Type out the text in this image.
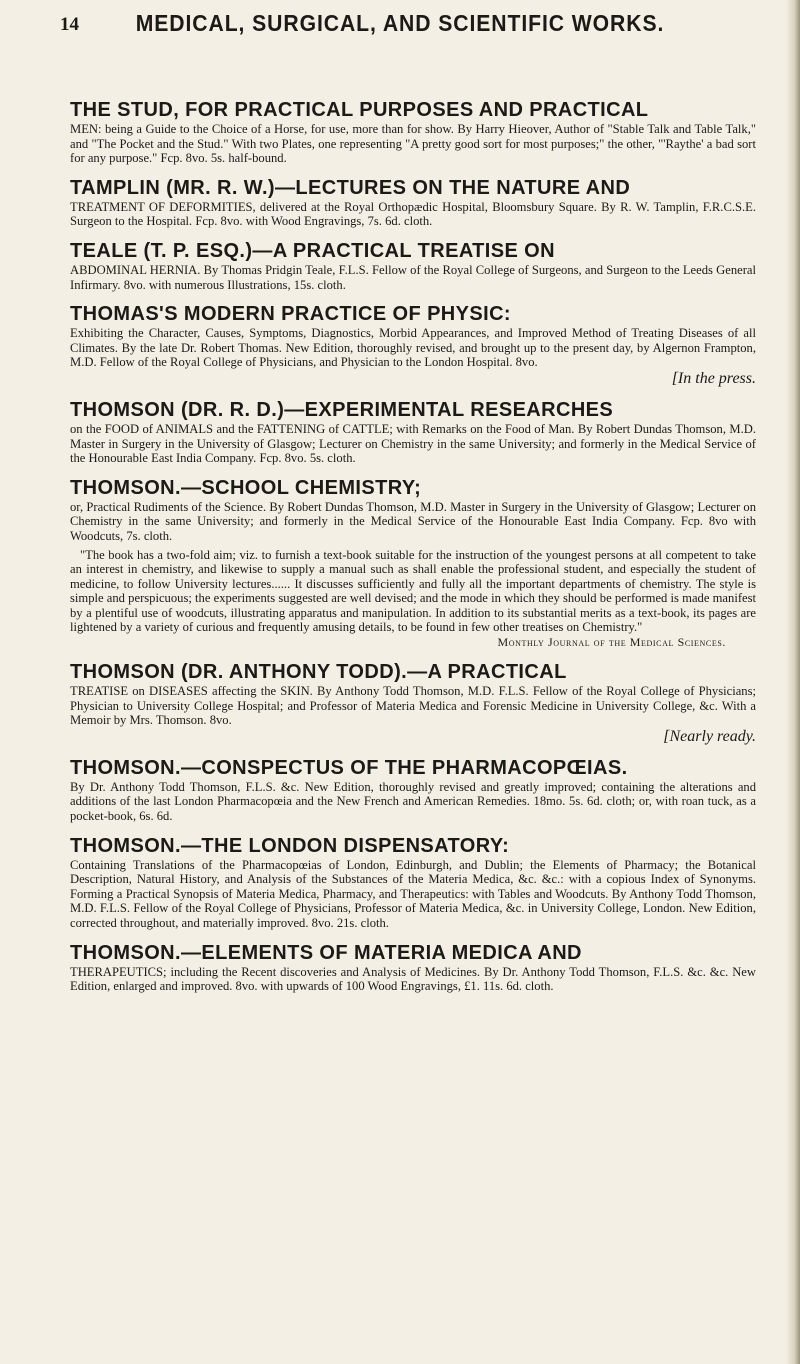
14	MEDICAL, SURGICAL, AND SCIENTIFIC WORKS.

THE STUD, FOR PRACTICAL PURPOSES AND PRACTICAL

MEN: being a Guide to the Choice of a Horse, for use, more than for show. By Harry Hieover, Author of "Stable Talk and Table Talk," and "The Pocket and the Stud." With two Plates, one representing "A pretty good sort for most purposes;" the other, "'Raythe' a bad sort for any purpose." Fcp. 8vo. 5s. half-bound.

TAMPLIN (MR. R. W.)—LECTURES ON THE NATURE AND

TREATMENT OF DEFORMITIES, delivered at the Royal Orthopædic Hospital, Bloomsbury Square. By R. W. Tamplin, F.R.C.S.E. Surgeon to the Hospital. Fcp. 8vo. with Wood Engravings, 7s. 6d. cloth.

TEALE (T. P. ESQ.)—A PRACTICAL TREATISE ON

ABDOMINAL HERNIA. By Thomas Pridgin Teale, F.L.S. Fellow of the Royal College of Surgeons, and Surgeon to the Leeds General Infirmary. 8vo. with numerous Illustrations, 15s. cloth.

THOMAS'S MODERN PRACTICE OF PHYSIC:

Exhibiting the Character, Causes, Symptoms, Diagnostics, Morbid Appearances, and Improved Method of Treating Diseases of all Climates. By the late Dr. Robert Thomas. New Edition, thoroughly revised, and brought up to the present day, by Algernon Frampton, M.D. Fellow of the Royal College of Physicians, and Physician to the London Hospital. 8vo.

[In the press.

THOMSON (DR. R. D.)—EXPERIMENTAL RESEARCHES

on the FOOD of ANIMALS and the FATTENING of CATTLE; with Remarks on the Food of Man. By Robert Dundas Thomson, M.D. Master in Surgery in the University of Glasgow; Lecturer on Chemistry in the same University; and formerly in the Medical Service of the Honourable East India Company. Fcp. 8vo. 5s. cloth.

THOMSON.—SCHOOL CHEMISTRY;

or, Practical Rudiments of the Science. By Robert Dundas Thomson, M.D. Master in Surgery in the University of Glasgow; Lecturer on Chemistry in the same University; and formerly in the Medical Service of the Honourable East India Company. Fcp. 8vo with Woodcuts, 7s. cloth.

"The book has a two-fold aim; viz. to furnish a text-book suitable for the instruction of the youngest persons at all competent to take an interest in chemistry, and likewise to supply a manual such as shall enable the professional student, and especially the student of medicine, to follow University lectures...... It discusses sufficiently and fully all the important departments of chemistry. The style is simple and perspicuous; the experiments suggested are well devised; and the mode in which they should be performed is made manifest by a plentiful use of woodcuts, illustrating apparatus and manipulation. In addition to its substantial merits as a text-book, its pages are lightened by a variety of curious and frequently amusing details, to be found in few other treatises on Chemistry."

Monthly Journal of the Medical Sciences.

THOMSON (DR. ANTHONY TODD).—A PRACTICAL

TREATISE on DISEASES affecting the SKIN. By Anthony Todd Thomson, M.D. F.L.S. Fellow of the Royal College of Physicians; Physician to University College Hospital; and Professor of Materia Medica and Forensic Medicine in University College, &c. With a Memoir by Mrs. Thomson. 8vo.

[Nearly ready.

THOMSON.—CONSPECTUS OF THE PHARMACOPŒIAS.

By Dr. Anthony Todd Thomson, F.L.S. &c. New Edition, thoroughly revised and greatly improved; containing the alterations and additions of the last London Pharmacopœia and the New French and American Remedies. 18mo. 5s. 6d. cloth; or, with roan tuck, as a pocket-book, 6s. 6d.

THOMSON.—THE LONDON DISPENSATORY:

Containing Translations of the Pharmacopœias of London, Edinburgh, and Dublin; the Elements of Pharmacy; the Botanical Description, Natural History, and Analysis of the Substances of the Materia Medica, &c. &c.: with a copious Index of Synonyms. Forming a Practical Synopsis of Materia Medica, Pharmacy, and Therapeutics: with Tables and Woodcuts. By Anthony Todd Thomson, M.D. F.L.S. Fellow of the Royal College of Physicians, Professor of Materia Medica, &c. in University College, London. New Edition, corrected throughout, and materially improved. 8vo. 21s. cloth.

THOMSON.—ELEMENTS OF MATERIA MEDICA AND

THERAPEUTICS; including the Recent discoveries and Analysis of Medicines. By Dr. Anthony Todd Thomson, F.L.S. &c. &c. New Edition, enlarged and improved. 8vo. with upwards of 100 Wood Engravings, £1. 11s. 6d. cloth.
